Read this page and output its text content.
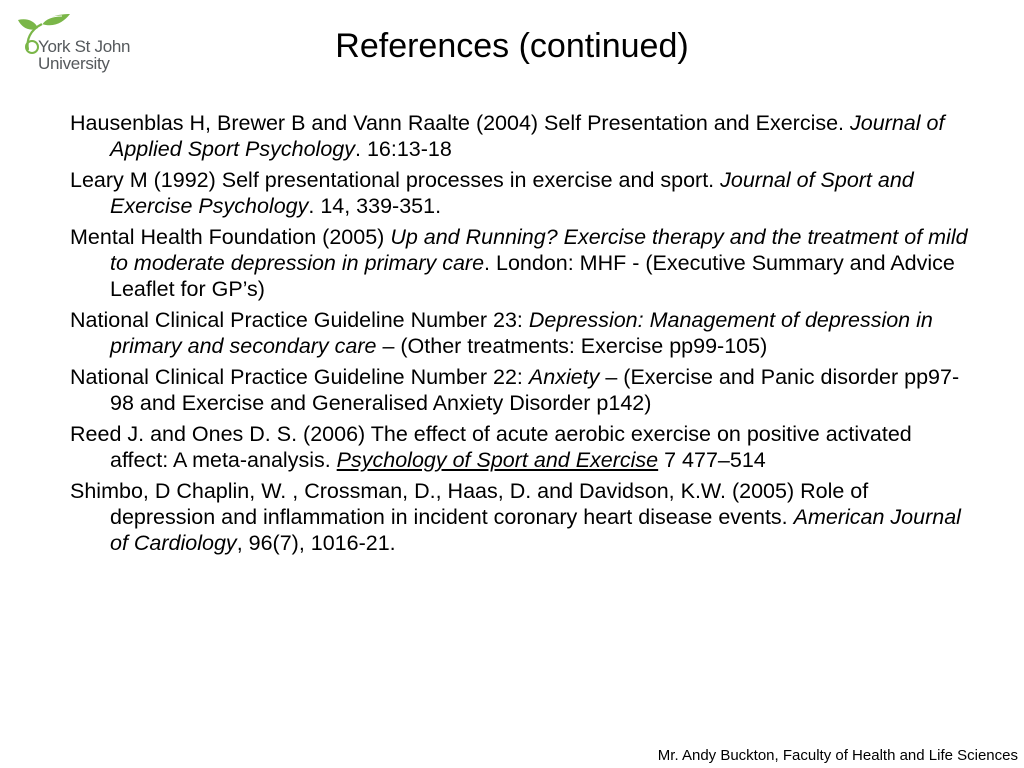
York St John
University	References (continued)
Hausenblas H, Brewer B and Vann Raalte (2004) Self Presentation and Exercise. Journal of Applied Sport Psychology. 16:13-18
Leary M (1992) Self presentational processes in exercise and sport. Journal of Sport and Exercise Psychology. 14, 339-351.
Mental Health Foundation (2005) Up and Running? Exercise therapy and the treatment of mild to moderate depression in primary care. London: MHF - (Executive Summary and Advice Leaflet for GP’s)
National Clinical Practice Guideline Number 23: Depression: Management of depression in primary and secondary care – (Other treatments: Exercise pp99-105)
National Clinical Practice Guideline Number 22: Anxiety – (Exercise and Panic disorder pp97-98 and Exercise and Generalised Anxiety Disorder p142)
Reed J. and Ones D. S. (2006) The effect of acute aerobic exercise on positive activated affect: A meta-analysis. Psychology of Sport and Exercise 7 477–514
Shimbo, D Chaplin, W. , Crossman, D., Haas, D. and Davidson, K.W. (2005) Role of depression and inflammation in incident coronary heart disease events. American Journal of Cardiology, 96(7), 1016-21.
Mr. Andy Buckton, Faculty of Health and Life Sciences
